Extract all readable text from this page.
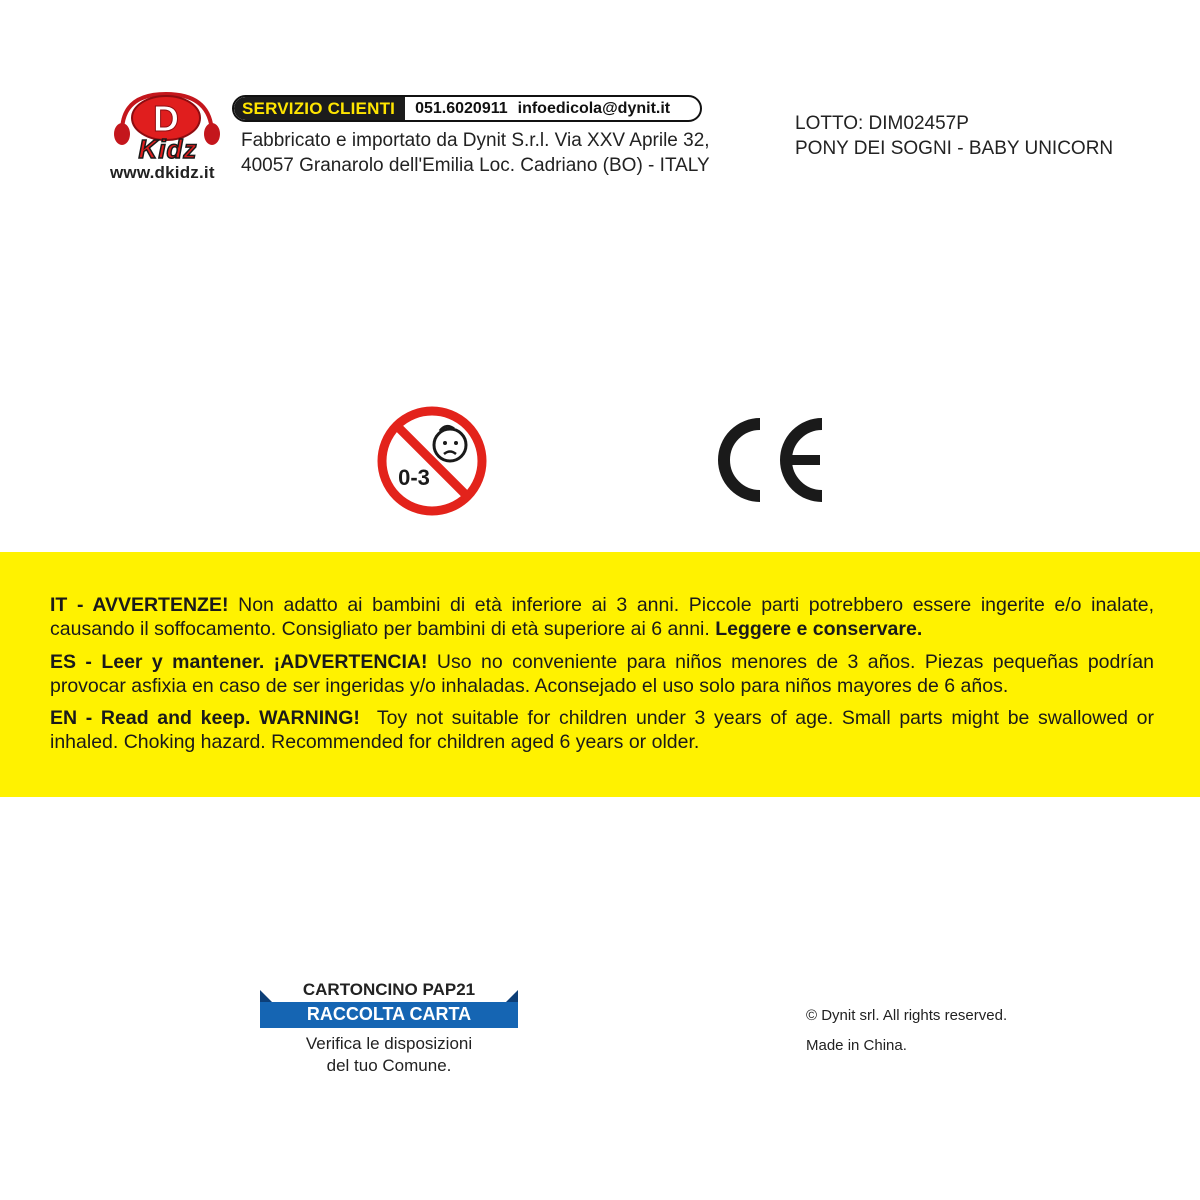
D
Kidz
www.dkidz.it
SERVIZIO CLIENTI	051.6020911 infoedicola@dynit.it
Fabbricato e importato da Dynit S.r.l. Via XXV Aprile 32,
40057 Granarolo dell'Emilia Loc. Cadriano (BO) - ITALY
LOTTO: DIM02457P
PONY DEI SOGNI - BABY UNICORN
0-3
IT - AVVERTENZE! Non adatto ai bambini di età inferiore ai 3 anni. Piccole parti potrebbero essere ingerite e/o inalate, causando il soffocamento. Consigliato per bambini di età superiore ai 6 anni. Leggere e conservare.
ES - Leer y mantener. ¡ADVERTENCIA! Uso no conveniente para niños menores de 3 años. Piezas pequeñas podrían provocar asfixia en caso de ser ingeridas y/o inhaladas. Aconsejado el uso solo para niños mayores de 6 años.
EN - Read and keep. WARNING! Toy not suitable for children under 3 years of age. Small parts might be swallowed or inhaled. Choking hazard. Recommended for children aged 6 years or older.
CARTONCINO PAP21
RACCOLTA CARTA
Verifica le disposizioni
del tuo Comune.
© Dynit srl. All rights reserved.
Made in China.
